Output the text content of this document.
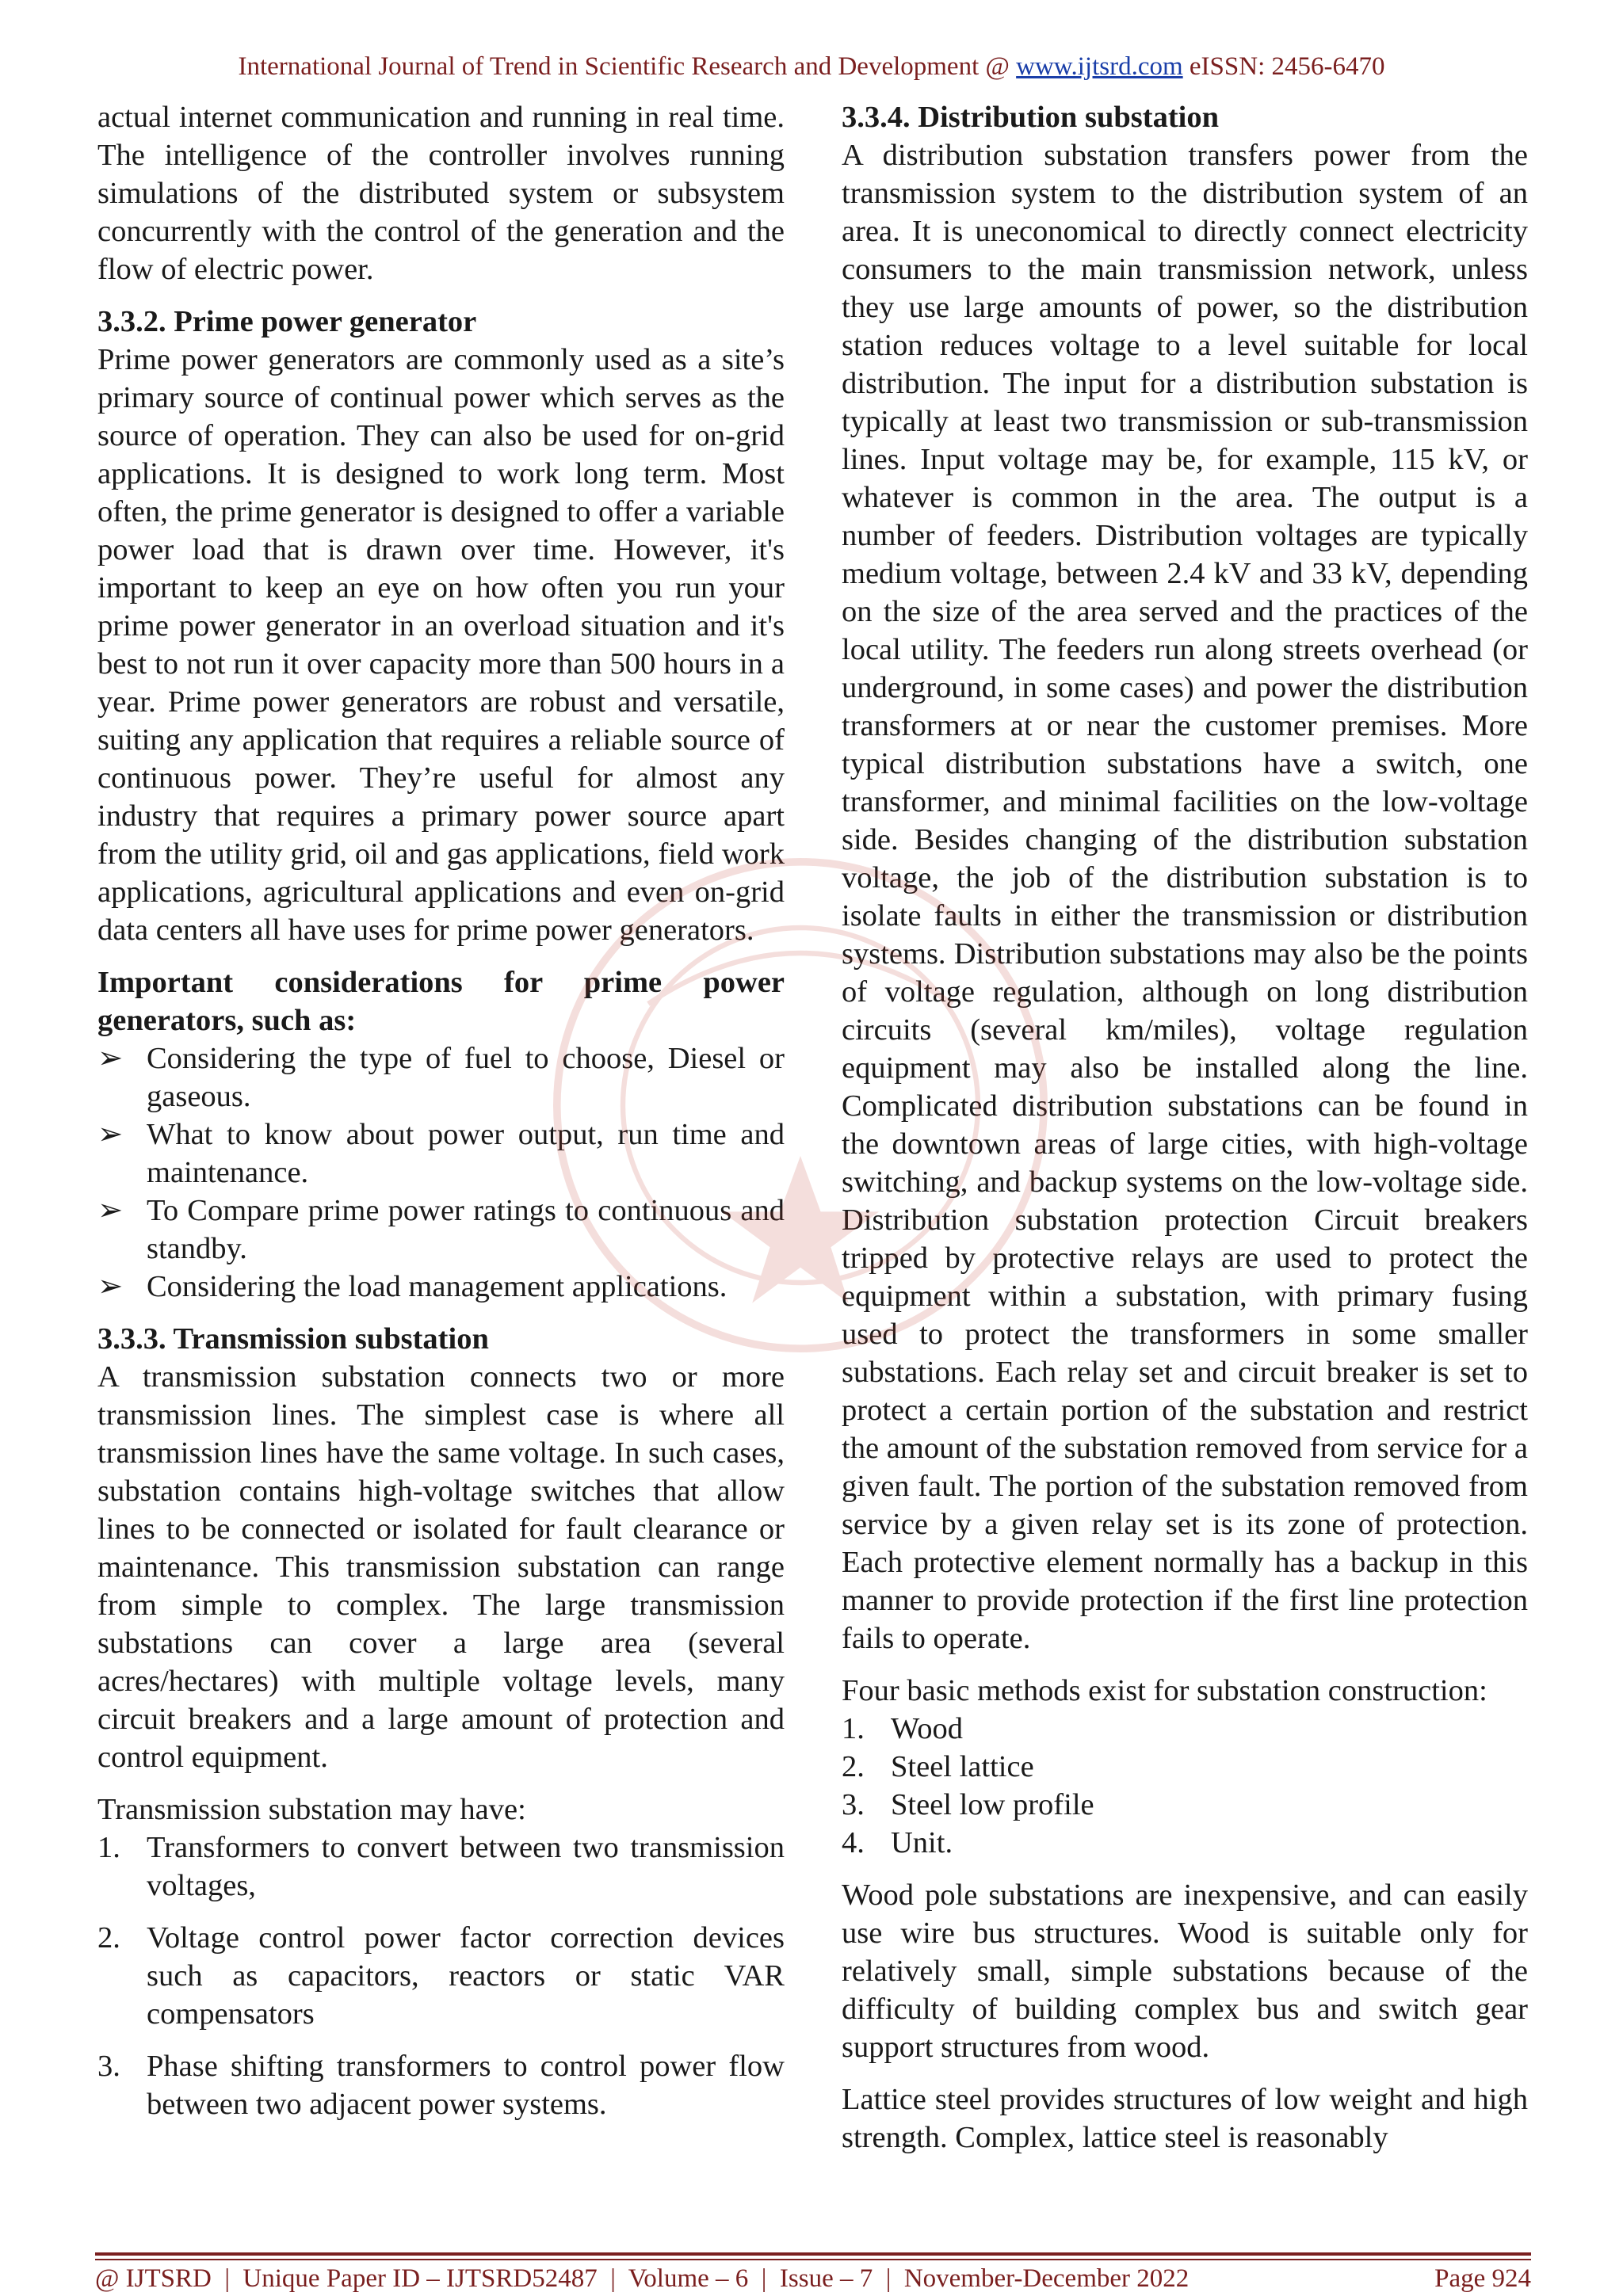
International Journal of Trend in Scientific Research and Development @ www.ijtsrd.com eISSN: 2456-6470

actual internet communication and running in real time. The intelligence of the controller involves running simulations of the distributed system or subsystem concurrently with the control of the generation and the flow of electric power.

3.3.2. Prime power generator

Prime power generators are commonly used as a site’s primary source of continual power which serves as the source of operation. They can also be used for on-grid applications. It is designed to work long term. Most often, the prime generator is designed to offer a variable power load that is drawn over time. However, it's important to keep an eye on how often you run your prime power generator in an overload situation and it's best to not run it over capacity more than 500 hours in a year. Prime power generators are robust and versatile, suiting any application that requires a reliable source of continuous power. They’re useful for almost any industry that requires a primary power source apart from the utility grid, oil and gas applications, field work applications, agricultural applications and even on-grid data centers all have uses for prime power generators.

Important considerations for prime power generators, such as:

➢ Considering the type of fuel to choose, Diesel or gaseous.
➢ What to know about power output, run time and maintenance.
➢ To Compare prime power ratings to continuous and standby.
➢ Considering the load management applications.
3.3.3. Transmission substation

A transmission substation connects two or more transmission lines. The simplest case is where all transmission lines have the same voltage. In such cases, substation contains high-voltage switches that allow lines to be connected or isolated for fault clearance or maintenance. This transmission substation can range from simple to complex. The large transmission substations can cover a large area (several acres/hectares) with multiple voltage levels, many circuit breakers and a large amount of protection and control equipment.

Transmission substation may have:

1. Transformers to convert between two transmission voltages,
2. Voltage control power factor correction devices such as capacitors, reactors or static VAR compensators
3. Phase shifting transformers to control power flow between two adjacent power systems.
3.3.4. Distribution substation

A distribution substation transfers power from the transmission system to the distribution system of an area. It is uneconomical to directly connect electricity consumers to the main transmission network, unless they use large amounts of power, so the distribution station reduces voltage to a level suitable for local distribution. The input for a distribution substation is typically at least two transmission or sub-transmission lines. Input voltage may be, for example, 115 kV, or whatever is common in the area. The output is a number of feeders. Distribution voltages are typically medium voltage, between 2.4 kV and 33 kV, depending on the size of the area served and the practices of the local utility. The feeders run along streets overhead (or underground, in some cases) and power the distribution transformers at or near the customer premises. More typical distribution substations have a switch, one transformer, and minimal facilities on the low-voltage side. Besides changing of the distribution substation voltage, the job of the distribution substation is to isolate faults in either the transmission or distribution systems. Distribution substations may also be the points of voltage regulation, although on long distribution circuits (several km/miles), voltage regulation equipment may also be installed along the line. Complicated distribution substations can be found in the downtown areas of large cities, with high-voltage switching, and backup systems on the low-voltage side. Distribution substation protection Circuit breakers tripped by protective relays are used to protect the equipment within a substation, with primary fusing used to protect the transformers in some smaller substations. Each relay set and circuit breaker is set to protect a certain portion of the substation and restrict the amount of the substation removed from service for a given fault. The portion of the substation removed from service by a given relay set is its zone of protection. Each protective element normally has a backup in this manner to provide protection if the first line protection fails to operate.

Four basic methods exist for substation construction:

1. Wood
2. Steel lattice
3. Steel low profile
4. Unit.

Wood pole substations are inexpensive, and can easily use wire bus structures. Wood is suitable only for relatively small, simple substations because of the difficulty of building complex bus and switch gear support structures from wood.

Lattice steel provides structures of low weight and high strength. Complex, lattice steel is reasonably

@ IJTSRD  |  Unique Paper ID – IJTSRD52487  |  Volume – 6  |  Issue – 7  |  November-December 2022	Page 924
